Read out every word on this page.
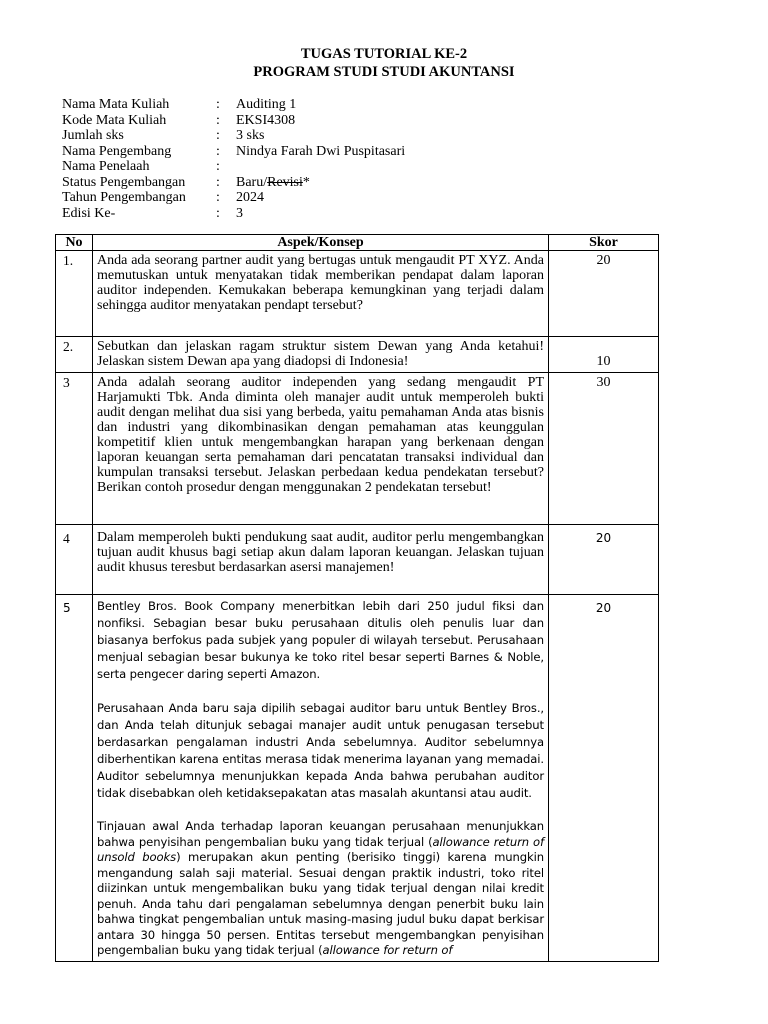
TUGAS TUTORIAL KE-2
PROGRAM STUDI STUDI AKUNTANSI
Nama Mata Kuliah	: Auditing 1
Kode Mata Kuliah	: EKSI4308
Jumlah sks	: 3 sks
Nama Pengembang	: Nindya Farah Dwi Puspitasari
Nama Penelaah	:
Status Pengembangan : Baru/Revisi*
Tahun Pengembangan : 2024
Edisi Ke-	: 3
No	Aspek/Konsep	Skor
1.	Anda ada seorang partner audit yang bertugas untuk mengaudit PT XYZ. Anda memutuskan untuk menyatakan tidak memberikan pendapat dalam laporan auditor independen. Kemukakan beberapa kemungkinan yang terjadi dalam sehingga auditor menyatakan pendapt tersebut?	20
2.	Sebutkan dan jelaskan ragam struktur sistem Dewan yang Anda ketahui! Jelaskan sistem Dewan apa yang diadopsi di Indonesia!	10
3	Anda adalah seorang auditor independen yang sedang mengaudit PT Harjamukti Tbk. Anda diminta oleh manajer audit untuk memperoleh bukti audit dengan melihat dua sisi yang berbeda, yaitu pemahaman Anda atas bisnis dan industri yang dikombinasikan dengan pemahaman atas keunggulan kompetitif klien untuk mengembangkan harapan yang berkenaan dengan laporan keuangan serta pemahaman dari pencatatan transaksi individual dan kumpulan transaksi tersebut. Jelaskan perbedaan kedua pendekatan tersebut? Berikan contoh prosedur dengan menggunakan 2 pendekatan tersebut!	30
4	Dalam memperoleh bukti pendukung saat audit, auditor perlu mengembangkan tujuan audit khusus bagi setiap akun dalam laporan keuangan. Jelaskan tujuan audit khusus teresbut berdasarkan asersi manajemen!	20
5	Bentley Bros. Book Company menerbitkan lebih dari 250 judul fiksi dan nonfiksi. Sebagian besar buku perusahaan ditulis oleh penulis luar dan biasanya berfokus pada subjek yang populer di wilayah tersebut. Perusahaan menjual sebagian besar bukunya ke toko ritel besar seperti Barnes & Noble, serta pengecer daring seperti Amazon.

Perusahaan Anda baru saja dipilih sebagai auditor baru untuk Bentley Bros., dan Anda telah ditunjuk sebagai manajer audit untuk penugasan tersebut berdasarkan pengalaman industri Anda sebelumnya. Auditor sebelumnya diberhentikan karena entitas merasa tidak menerima layanan yang memadai. Auditor sebelumnya menunjukkan kepada Anda bahwa perubahan auditor tidak disebabkan oleh ketidaksepakatan atas masalah akuntansi atau audit.

Tinjauan awal Anda terhadap laporan keuangan perusahaan menunjukkan bahwa penyisihan pengembalian buku yang tidak terjual (allowance return of unsold books) merupakan akun penting (berisiko tinggi) karena mungkin mengandung salah saji material. Sesuai dengan praktik industri, toko ritel diizinkan untuk mengembalikan buku yang tidak terjual dengan nilai kredit penuh. Anda tahu dari pengalaman sebelumnya dengan penerbit buku lain bahwa tingkat pengembalian untuk masing-masing judul buku dapat berkisar antara 30 hingga 50 persen. Entitas tersebut mengembangkan penyisihan pengembalian buku yang tidak terjual (allowance for return of	20
